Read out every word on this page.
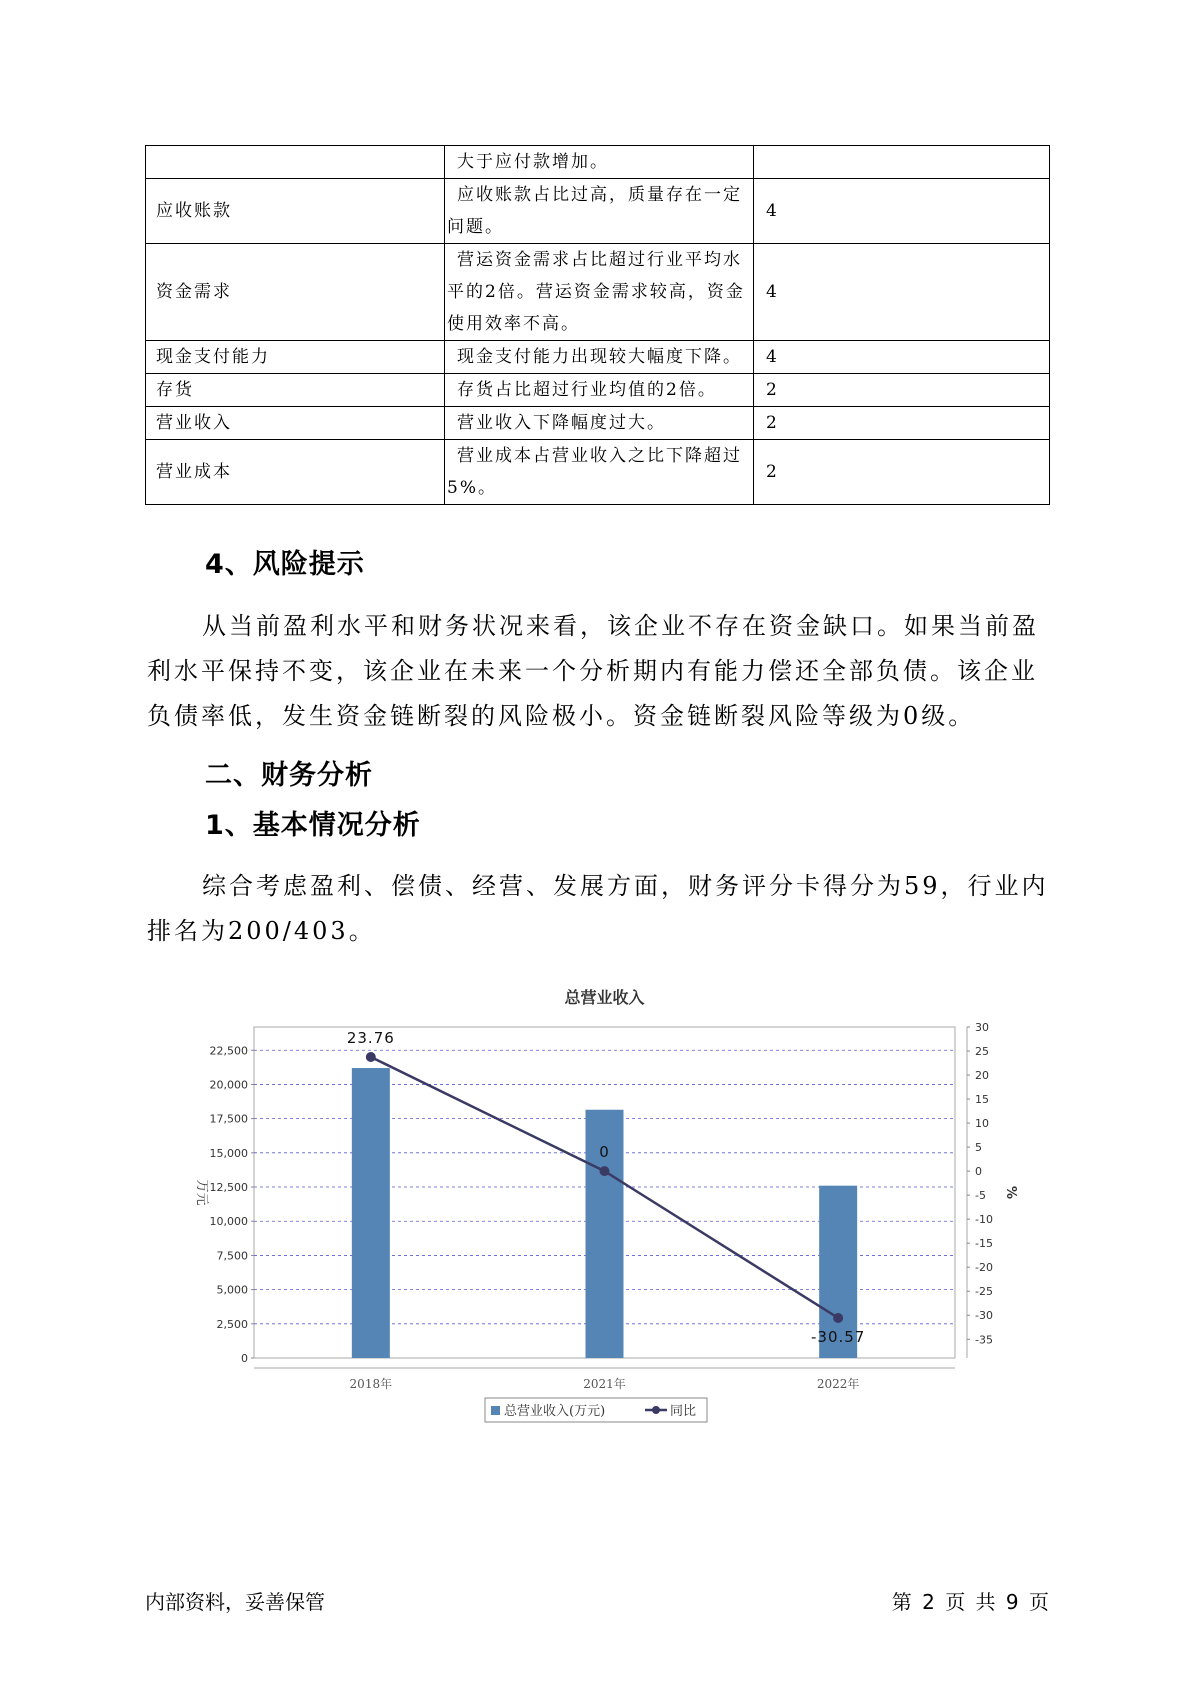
	大于应付款增加。	
应收账款	应收账款占比过高，质量存在一定问题。	4
资金需求	营运资金需求占比超过行业平均水平的2倍。营运资金需求较高，资金使用效率不高。	4
现金支付能力	现金支付能力出现较大幅度下降。	4
存货	存货占比超过行业均值的2倍。	2
营业收入	营业收入下降幅度过大。	2
营业成本	营业成本占营业收入之比下降超过5%。	2
4、风险提示

从当前盈利水平和财务状况来看，该企业不存在资金缺口。如果当前盈利水平保持不变，该企业在未来一个分析期内有能力偿还全部负债。该企业负债率低，发生资金链断裂的风险极小。资金链断裂风险等级为0级。

二、财务分析
1、基本情况分析

综合考虑盈利、偿债、经营、发展方面，财务评分卡得分为59，行业内排名为200/403。

总营业收入
0
2,500
5,000
7,500
10,000
12,500
15,000
17,500
20,000
22,500
-35
-30
-25
-20
-15
-10
-5
0
5
10
15
20
25
30
万元	%
2018年	2021年	2022年
23.76
0
-30.57
总营业收入(万元)	同比
内部资料，妥善保管	第 2 页 共 9 页
